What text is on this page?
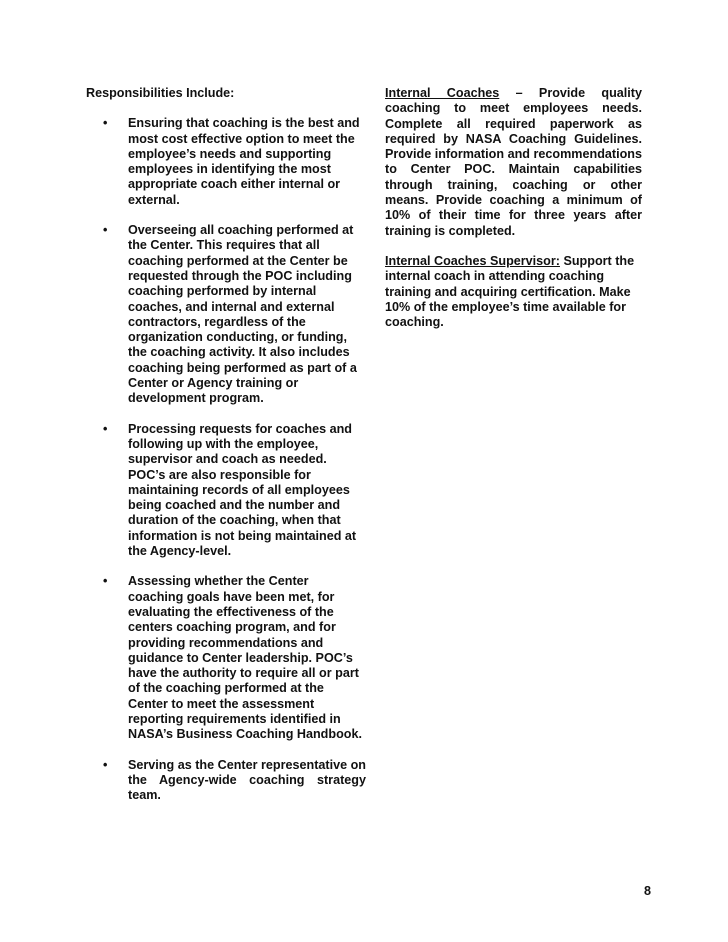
Responsibilities Include:
• Ensuring that coaching is the best and most cost effective option to meet the employee’s needs and supporting employees in identifying the most appropriate coach either internal or external.
• Overseeing all coaching performed at the Center. This requires that all coaching performed at the Center be requested through the POC including coaching performed by internal coaches, and internal and external contractors, regardless of the organization conducting, or funding, the coaching activity. It also includes coaching being performed as part of a Center or Agency training or development program.
• Processing requests for coaches and following up with the employee, supervisor and coach as needed. POC’s are also responsible for maintaining records of all employees being coached and the number and duration of the coaching, when that information is not being maintained at the Agency-level.
• Assessing whether the Center coaching goals have been met, for evaluating the effectiveness of the centers coaching program, and for providing recommendations and guidance to Center leadership. POC’s have the authority to require all or part of the coaching performed at the Center to meet the assessment reporting requirements identified in NASA’s Business Coaching Handbook.
• Serving as the Center representative on the Agency-wide coaching strategy team.

Internal Coaches – Provide quality coaching to meet employees needs. Complete all required paperwork as required by NASA Coaching Guidelines. Provide information and recommendations to Center POC. Maintain capabilities through training, coaching or other means. Provide coaching a minimum of 10% of their time for three years after training is completed.

Internal Coaches Supervisor: Support the internal coach in attending coaching training and acquiring certification. Make 10% of the employee’s time available for coaching.

8
